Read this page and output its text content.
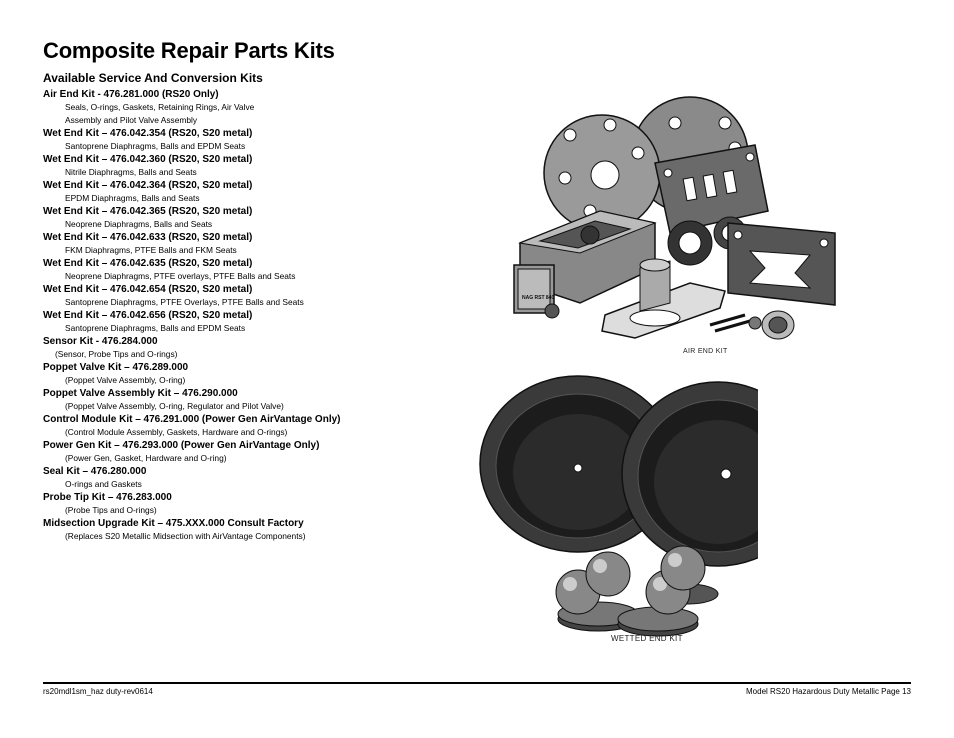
Composite Repair Parts Kits
Available Service And Conversion Kits

Air End Kit - 476.281.000 (RS20 Only)

Seals, O-rings, Gaskets, Retaining Rings, Air Valve

Assembly and Pilot Valve Assembly

Wet End Kit – 476.042.354 (RS20, S20 metal)

Santoprene Diaphragms, Balls and EPDM Seats

Wet End Kit – 476.042.360 (RS20, S20 metal)

Nitrile Diaphragms, Balls and Seats

Wet End Kit – 476.042.364 (RS20, S20 metal)

EPDM Diaphragms, Balls and Seats

Wet End Kit – 476.042.365 (RS20, S20 metal)

Neoprene Diaphragms, Balls and Seats

Wet End Kit – 476.042.633 (RS20, S20 metal)

FKM Diaphragms, PTFE Balls and FKM Seats

Wet End Kit – 476.042.635 (RS20, S20 metal)

Neoprene Diaphragms, PTFE overlays, PTFE Balls and Seats

Wet End Kit – 476.042.654 (RS20, S20 metal)

Santoprene Diaphragms, PTFE Overlays, PTFE Balls and Seats

Wet End Kit – 476.042.656 (RS20, S20 metal)

Santoprene Diaphragms, Balls and EPDM Seats

Sensor Kit - 476.284.000

(Sensor, Probe Tips and O-rings)

Poppet Valve Kit – 476.289.000

(Poppet Valve Assembly, O-ring)

Poppet Valve Assembly Kit – 476.290.000

(Poppet Valve Assembly, O-ring, Regulator and Pilot Valve)

Control Module Kit – 476.291.000 (Power Gen AirVantage Only)

(Control Module Assembly, Gaskets, Hardware and O-rings)

Power Gen Kit – 476.293.000 (Power Gen AirVantage Only)

(Power Gen, Gasket, Hardware and O-ring)

Seal Kit – 476.280.000

O-rings and Gaskets

Probe Tip Kit – 476.283.000

(Probe Tips and O-rings)

Midsection Upgrade Kit – 475.XXX.000 Consult Factory

(Replaces S20 Metallic Midsection with AirVantage Components)

NAG RST 840
AIR END KIT
WETTED END KIT
rs20mdl1sm_haz duty-rev0614	Model RS20 Hazardous Duty Metallic Page 13
